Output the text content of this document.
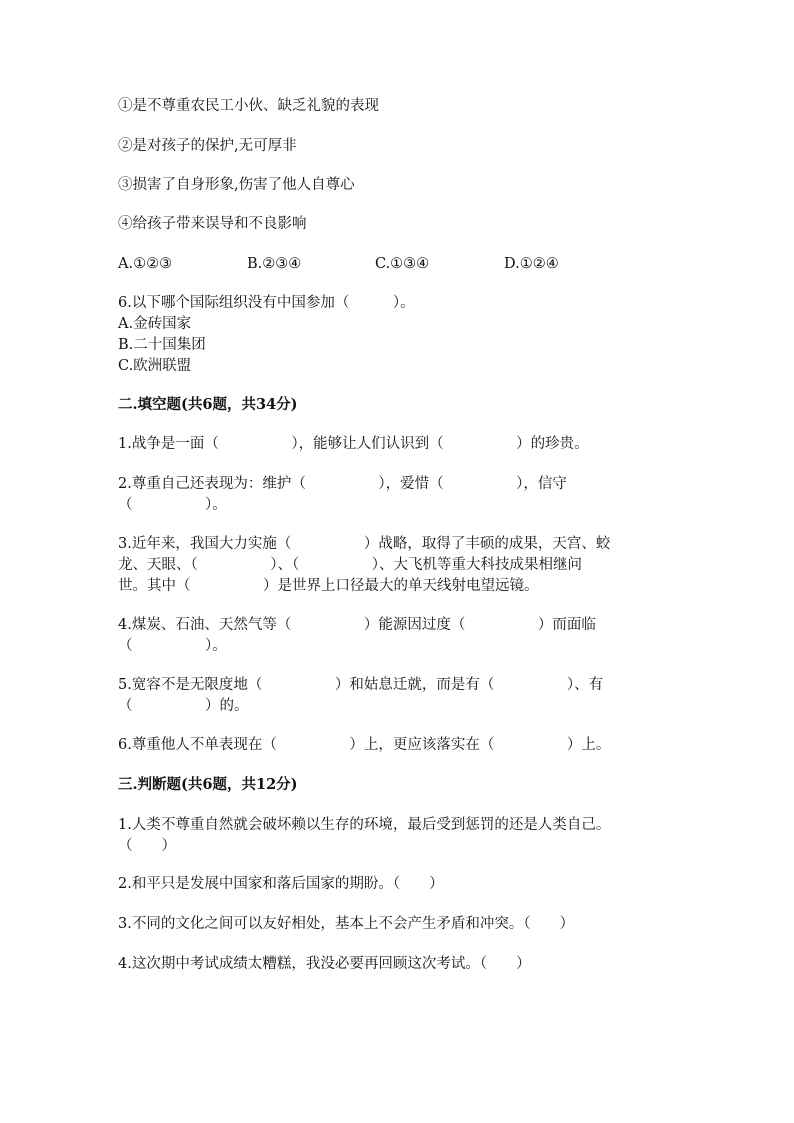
①是不尊重农民工小伙、缺乏礼貌的表现
②是对孩子的保护,无可厚非
③损害了自身形象,伤害了他人自尊心
④给孩子带来误导和不良影响
A.①②③	B.②③④	C.①③④	D.①②④
6.以下哪个国际组织没有中国参加（　　　）。
A.金砖国家
B.二十国集团
C.欧洲联盟
二.填空题(共6题，共34分)
1.战争是一面（　　　　　），能够让人们认识到（　　　　　）的珍贵。
2.尊重自己还表现为：维护（　　　　　），爱惜（　　　　　），信守
（　　　　　）。
3.近年来，我国大力实施（　　　　　）战略，取得了丰硕的成果，天宫、蛟
龙、天眼、（　　　　　）、（　　　　　）、大飞机等重大科技成果相继问
世。其中（　　　　　）是世界上口径最大的单天线射电望远镜。
4.煤炭、石油、天然气等（　　　　　）能源因过度（　　　　　）而面临
（　　　　　）。
5.宽容不是无限度地（　　　　　）和姑息迁就，而是有（　　　　　）、有
（　　　　　）的。
6.尊重他人不单表现在（　　　　　）上，更应该落实在（　　　　　）上。
三.判断题(共6题，共12分)
1.人类不尊重自然就会破坏赖以生存的环境，最后受到惩罚的还是人类自己。
（　　）
2.和平只是发展中国家和落后国家的期盼。（　　）
3.不同的文化之间可以友好相处，基本上不会产生矛盾和冲突。（　　）
4.这次期中考试成绩太糟糕，我没必要再回顾这次考试。（　　）
